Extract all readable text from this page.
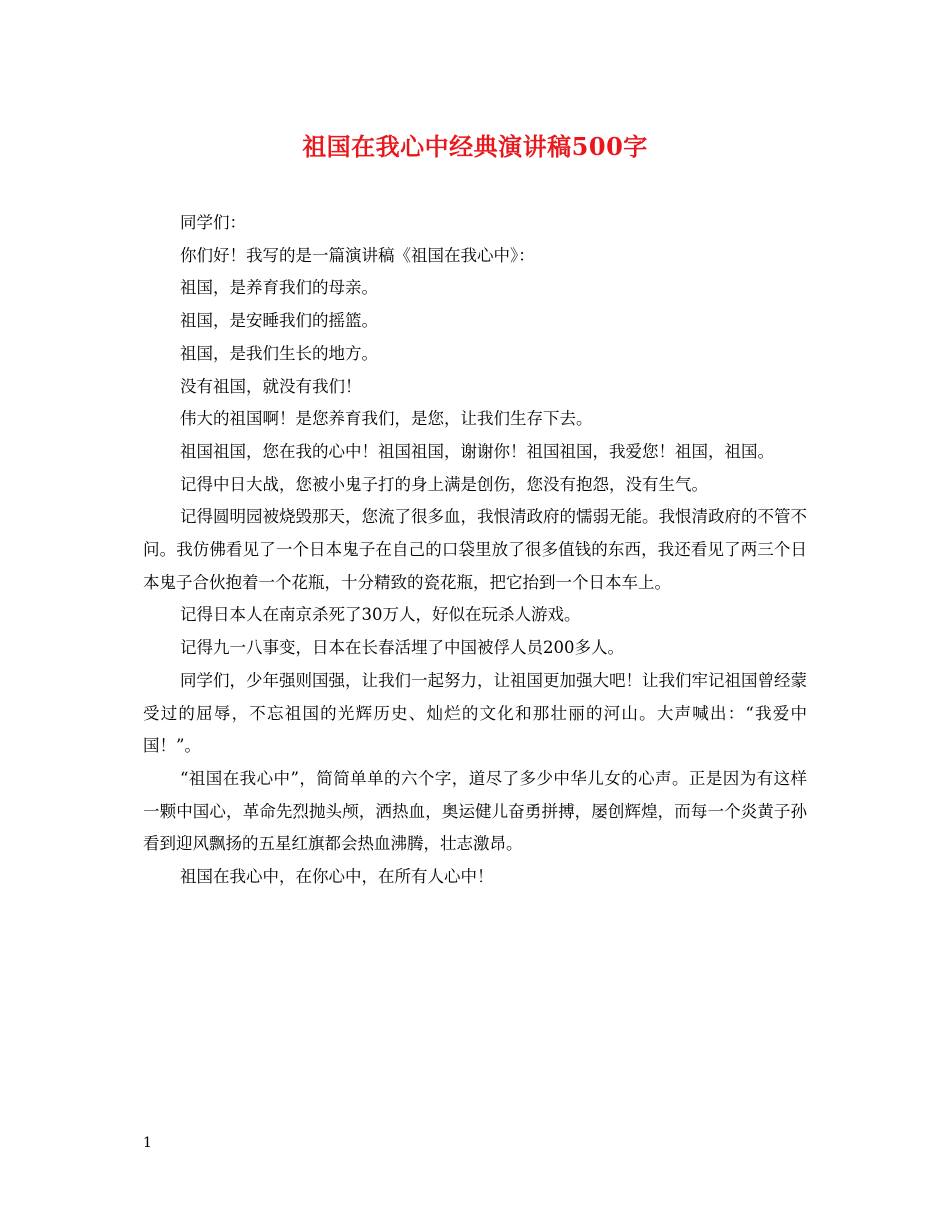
祖国在我心中经典演讲稿500字

同学们：

你们好！我写的是一篇演讲稿《祖国在我心中》：

祖国，是养育我们的母亲。

祖国，是安睡我们的摇篮。

祖国，是我们生长的地方。

没有祖国，就没有我们！

伟大的祖国啊！是您养育我们，是您，让我们生存下去。

祖国祖国，您在我的心中！祖国祖国，谢谢你！祖国祖国，我爱您！祖国，祖国。

记得中日大战，您被小鬼子打的身上满是创伤，您没有抱怨，没有生气。

记得圆明园被烧毁那天，您流了很多血，我恨清政府的懦弱无能。我恨清政府的不管不问。我仿佛看见了一个日本鬼子在自己的口袋里放了很多值钱的东西，我还看见了两三个日本鬼子合伙抱着一个花瓶，十分精致的瓷花瓶，把它抬到一个日本车上。

记得日本人在南京杀死了30万人，好似在玩杀人游戏。

记得九一八事变，日本在长春活埋了中国被俘人员200多人。

同学们，少年强则国强，让我们一起努力，让祖国更加强大吧！让我们牢记祖国曾经蒙受过的屈辱，不忘祖国的光辉历史、灿烂的文化和那壮丽的河山。大声喊出：“我爱中国！”。

“祖国在我心中”，简简单单的六个字，道尽了多少中华儿女的心声。正是因为有这样一颗中国心，革命先烈抛头颅，洒热血，奥运健儿奋勇拼搏，屡创辉煌，而每一个炎黄子孙看到迎风飘扬的五星红旗都会热血沸腾，壮志激昂。

祖国在我心中，在你心中，在所有人心中！

1
